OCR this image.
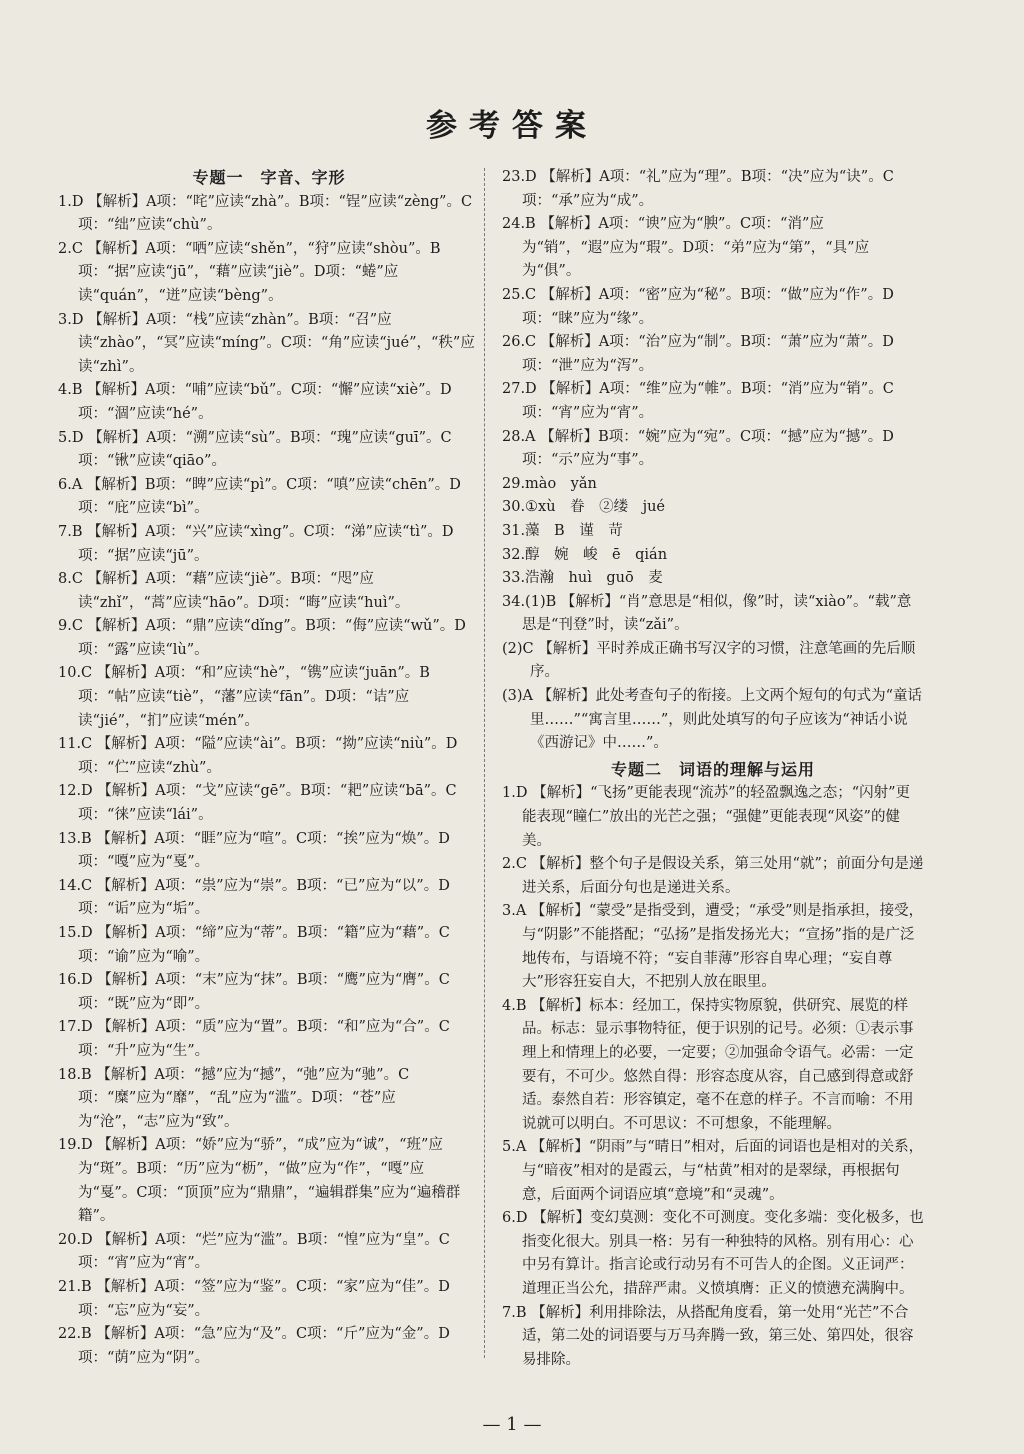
参考答案
专题一　字音、字形

1.D 【解析】A项：“咤”应读“zhà”。B项：“锃”应读“zèng”。C项：“绌”应读“chù”。

2.C 【解析】A项：“哂”应读“shěn”，“狩”应读“shòu”。B项：“据”应读“jū”，“藉”应读“jiè”。D项：“蜷”应读“quán”，“迸”应读“bèng”。

3.D 【解析】A项：“栈”应读“zhàn”。B项：“召”应读“zhào”，“冥”应读“míng”。C项：“角”应读“jué”，“秩”应读“zhì”。

4.B 【解析】A项：“哺”应读“bǔ”。C项：“懈”应读“xiè”。D项：“涸”应读“hé”。

5.D 【解析】A项：“溯”应读“sù”。B项：“瑰”应读“guī”。C项：“锹”应读“qiāo”。

6.A 【解析】B项：“睥”应读“pì”。C项：“嗔”应读“chēn”。D项：“庇”应读“bì”。

7.B 【解析】A项：“兴”应读“xìng”。C项：“涕”应读“tì”。D项：“据”应读“jū”。

8.C 【解析】A项：“藉”应读“jiè”。B项：“咫”应读“zhǐ”，“蒿”应读“hāo”。D项：“晦”应读“huì”。

9.C 【解析】A项：“鼎”应读“dǐng”。B项：“侮”应读“wǔ”。D项：“露”应读“lù”。

10.C 【解析】A项：“和”应读“hè”，“镌”应读“juān”。B项：“帖”应读“tiè”，“藩”应读“fān”。D项：“诘”应读“jié”，“扪”应读“mén”。

11.C 【解析】A项：“隘”应读“ài”。B项：“拗”应读“niù”。D项：“伫”应读“zhù”。

12.D 【解析】A项：“戈”应读“gē”。B项：“耙”应读“bā”。C项：“徕”应读“lái”。

13.B 【解析】A项：“睚”应为“喧”。C项：“挨”应为“焕”。D项：“嘎”应为“戛”。

14.C 【解析】A项：“祟”应为“崇”。B项：“已”应为“以”。D项：“诟”应为“垢”。

15.D 【解析】A项：“缔”应为“蒂”。B项：“籍”应为“藉”。C项：“谕”应为“喻”。

16.D 【解析】A项：“末”应为“抹”。B项：“鹰”应为“膺”。C项：“既”应为“即”。

17.D 【解析】A项：“质”应为“置”。B项：“和”应为“合”。C项：“升”应为“生”。

18.B 【解析】A项：“撼”应为“撼”，“弛”应为“驰”。C项：“糜”应为“靡”，“乱”应为“滥”。D项：“苍”应为“沧”，“志”应为“致”。

19.D 【解析】A项：“娇”应为“骄”，“成”应为“诚”，“班”应为“斑”。B项：“历”应为“枥”，“做”应为“作”，“嘎”应为“戛”。C项：“顶顶”应为“鼎鼎”，“遍辑群集”应为“遍稽群籍”。

20.D 【解析】A项：“烂”应为“滥”。B项：“惶”应为“皇”。C项：“宵”应为“宵”。

21.B 【解析】A项：“签”应为“鉴”。C项：“家”应为“佳”。D项：“忘”应为“妄”。

22.B 【解析】A项：“急”应为“及”。C项：“斤”应为“金”。D项：“荫”应为“阴”。

23.D 【解析】A项：“礼”应为“理”。B项：“决”应为“诀”。C项：“承”应为“成”。

24.B 【解析】A项：“谀”应为“腴”。C项：“消”应为“销”，“遐”应为“瑕”。D项：“弟”应为“第”，“具”应为“俱”。

25.C 【解析】A项：“密”应为“秘”。B项：“做”应为“作”。D项：“睐”应为“缘”。

26.C 【解析】A项：“治”应为“制”。B项：“萧”应为“萧”。D项：“泄”应为“泻”。

27.D 【解析】A项：“维”应为“帷”。B项：“消”应为“销”。C项：“宵”应为“宵”。

28.A 【解析】B项：“婉”应为“宛”。C项：“撼”应为“撼”。D项：“示”应为“事”。

29.mào　yǎn

30.①xù　眷　②缕　jué

31.藻　B　谨　苛

32.醇　婉　峻　ē　qián

33.浩瀚　huì　guō　麦

34.(1)B 【解析】“肖”意思是“相似，像”时，读“xiào”。“载”意思是“刊登”时，读“zǎi”。

(2)C 【解析】平时养成正确书写汉字的习惯，注意笔画的先后顺序。

(3)A 【解析】此处考查句子的衔接。上文两个短句的句式为“童话里……”“寓言里……”，则此处填写的句子应该为“神话小说《西游记》中……”。

专题二　词语的理解与运用

1.D 【解析】“飞扬”更能表现“流苏”的轻盈飘逸之态；“闪射”更能表现“瞳仁”放出的光芒之强；“强健”更能表现“风姿”的健美。

2.C 【解析】整个句子是假设关系，第三处用“就”；前面分句是递进关系，后面分句也是递进关系。

3.A 【解析】“蒙受”是指受到，遭受；“承受”则是指承担，接受，与“阴影”不能搭配；“弘扬”是指发扬光大；“宣扬”指的是广泛地传布，与语境不符；“妄自菲薄”形容自卑心理；“妄自尊大”形容狂妄自大，不把别人放在眼里。

4.B 【解析】标本：经加工，保持实物原貌，供研究、展览的样品。标志：显示事物特征，便于识别的记号。必须：①表示事理上和情理上的必要，一定要；②加强命令语气。必需：一定要有，不可少。悠然自得：形容态度从容，自己感到得意或舒适。泰然自若：形容镇定，毫不在意的样子。不言而喻：不用说就可以明白。不可思议：不可想象，不能理解。

5.A 【解析】“阴雨”与“晴日”相对，后面的词语也是相对的关系，与“暗夜”相对的是霞云，与“枯黄”相对的是翠绿，再根据句意，后面两个词语应填“意境”和“灵魂”。

6.D 【解析】变幻莫测：变化不可测度。变化多端：变化极多，也指变化很大。别具一格：另有一种独特的风格。别有用心：心中另有算计。指言论或行动另有不可告人的企图。义正词严：道理正当公允，措辞严肃。义愤填膺：正义的愤懑充满胸中。

7.B 【解析】利用排除法，从搭配角度看，第一处用“光芒”不合适，第二处的词语要与万马奔腾一致，第三处、第四处，很容易排除。

— 1 —
